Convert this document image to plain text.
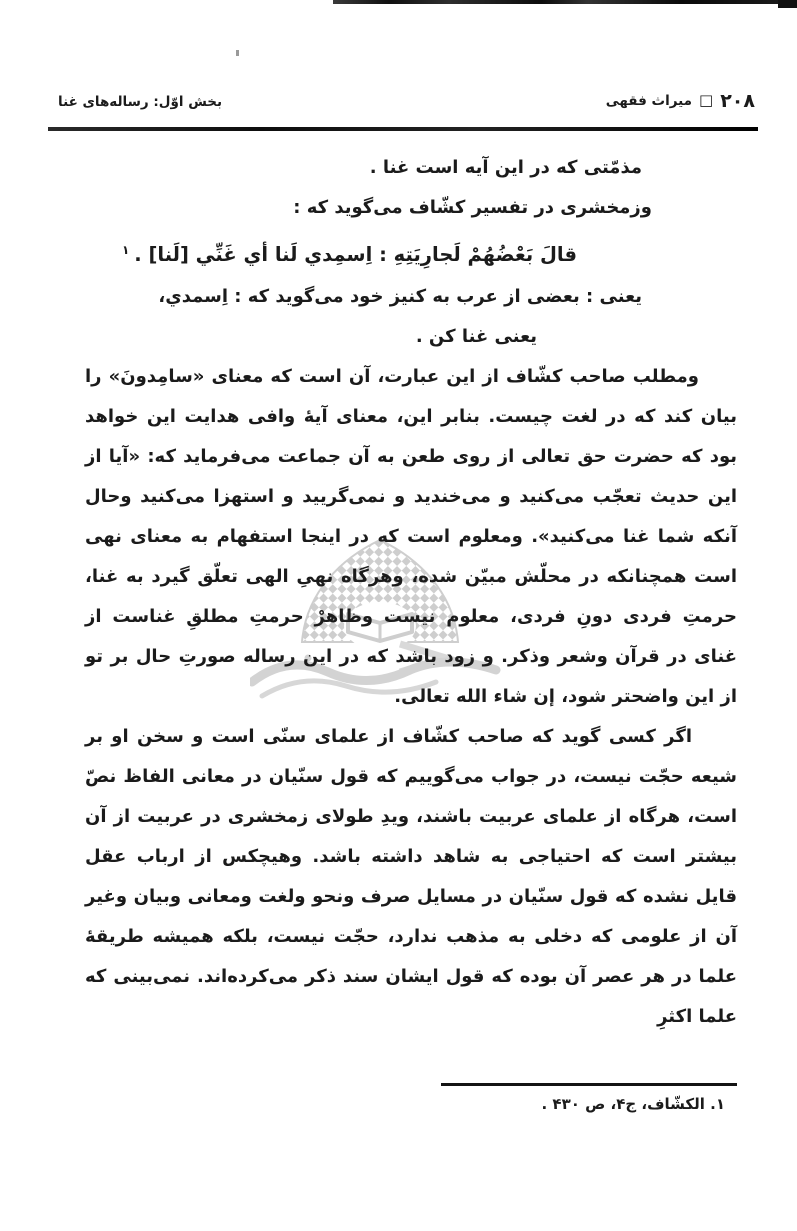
بخش اوّل: رساله‌های غنا	۲۰۸
□
میراث فقهی
مذمّتی که در این آیه است غنا .
وزمخشری در تفسیر کشّاف می‌گوید که :
قالَ بَعْضُهُمْ لَجارِيَتِهِ : اِسمِدي لَنا أي غَنِّي [لَنا] .$^۱$
یعنی : بعضی از عرب به کنیز خود می‌گوید که : اِسمدي،
یعنی غنا کن .

ومطلب صاحب کشّاف از این عبارت، آن است که معنای «سامِدونَ» را بیان کند که در لغت چیست. بنابر این، معنای آیهٔ وافی هدایت این خواهد بود که حضرت حق تعالی از روی طعن به آن جماعت می‌فرماید که: «آیا از این حدیث تعجّب می‌کنید و می‌خندید و نمی‌گریید و استهزا می‌کنید وحال آنکه شما غنا می‌کنید». ومعلوم است که در اینجا استفهام به معنای نهی است همچنانکه در محلّش مبیّن شده، وهرگاه نهیِ الهی تعلّق گیرد به غنا، حرمتِ فردی دونِ فردی، معلوم نیست وظاهرْ حرمتِ مطلقِ غناست از غنای در قرآن وشعر وذکر. و زود باشد که در این رساله صورتِ حال بر تو از این واضحتر شود، إن شاء الله تعالی.

اگر کسی گوید که صاحب کشّاف از علمای سنّی است و سخن او بر شیعه حجّت نیست، در جواب می‌گوییم که قول سنّیان در معانی الفاظ نصّ است، هرگاه از علمای عربیت باشند، ویدِ طولای زمخشری در عربیت از آن بیشتر است که احتیاجی به شاهد داشته باشد. وهیچکس از ارباب عقل قایل نشده که قول سنّیان در مسایل صرف ونحو ولغت ومعانی وبیان وغیر آن از علومی که دخلی به مذهب ندارد، حجّت نیست، بلکه همیشه طریقهٔ علما در هر عصر آن بوده که قول ایشان سند ذکر می‌کرده‌اند. نمی‌بینی که علما اکثرِ

۱. الکشّاف، ج۴، ص ۴۳۰ .
